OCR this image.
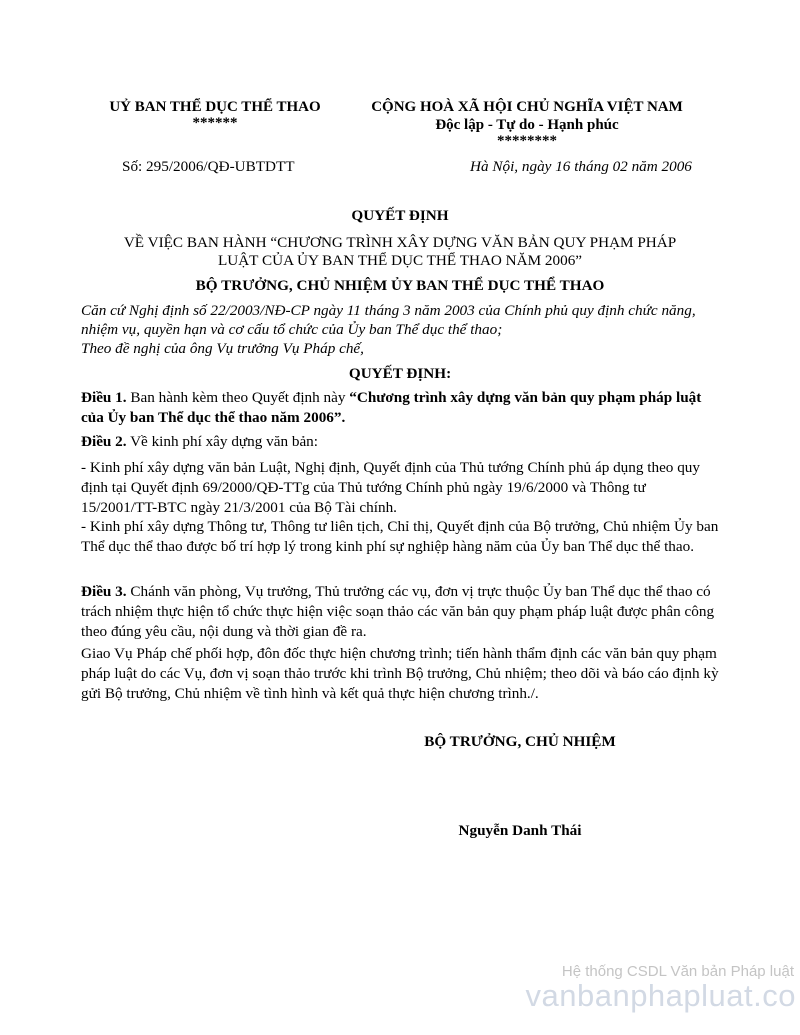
UỶ BAN THỂ DỤC THỂ THAO
******
CỘNG HOÀ XÃ HỘI CHỦ NGHĨA VIỆT NAM
Độc lập - Tự do - Hạnh phúc
********
Số: 295/2006/QĐ-UBTDTT	Hà Nội, ngày 16 tháng 02 năm 2006
QUYẾT ĐỊNH
VỀ VIỆC BAN HÀNH “CHƯƠNG TRÌNH XÂY DỰNG VĂN BẢN QUY PHẠM PHÁP
LUẬT CỦA ỦY BAN THỂ DỤC THỂ THAO NĂM 2006”
BỘ TRƯỞNG, CHỦ NHIỆM ỦY BAN THỂ DỤC THỂ THAO

Căn cứ Nghị định số 22/2003/NĐ-CP ngày 11 tháng 3 năm 2003 của Chính phủ quy định chức năng, nhiệm vụ, quyền hạn và cơ cấu tổ chức của Ủy ban Thể dục thể thao;

Theo đề nghị của ông Vụ trưởng Vụ Pháp chế,

QUYẾT ĐỊNH:

Điều 1. Ban hành kèm theo Quyết định này “Chương trình xây dựng văn bản quy phạm pháp luật của Ủy ban Thể dục thể thao năm 2006”.

Điều 2. Về kinh phí xây dựng văn bản:

- Kinh phí xây dựng văn bản Luật, Nghị định, Quyết định của Thủ tướng Chính phủ áp dụng theo quy định tại Quyết định 69/2000/QĐ-TTg của Thủ tướng Chính phủ ngày 19/6/2000 và Thông tư 15/2001/TT-BTC ngày 21/3/2001 của Bộ Tài chính.

- Kinh phí xây dựng Thông tư, Thông tư liên tịch, Chỉ thị, Quyết định của Bộ trưởng, Chủ nhiệm Ủy ban Thể dục thể thao được bố trí hợp lý trong kinh phí sự nghiệp hàng năm của Ủy ban Thể dục thể thao.

Điều 3. Chánh văn phòng, Vụ trưởng, Thủ trưởng các vụ, đơn vị trực thuộc Ủy ban Thể dục thể thao có trách nhiệm thực hiện tổ chức thực hiện việc soạn thảo các văn bản quy phạm pháp luật được phân công theo đúng yêu cầu, nội dung và thời gian đề ra.

Giao Vụ Pháp chế phối hợp, đôn đốc thực hiện chương trình; tiến hành thẩm định các văn bản quy phạm pháp luật do các Vụ, đơn vị soạn thảo trước khi trình Bộ trưởng, Chủ nhiệm; theo dõi và báo cáo định kỳ gửi Bộ trưởng, Chủ nhiệm về tình hình và kết quả thực hiện chương trình./.

BỘ TRƯỞNG, CHỦ NHIỆM
Nguyễn Danh Thái
Hệ thống CSDL Văn bản Pháp luật
vanbanphapluat.co
